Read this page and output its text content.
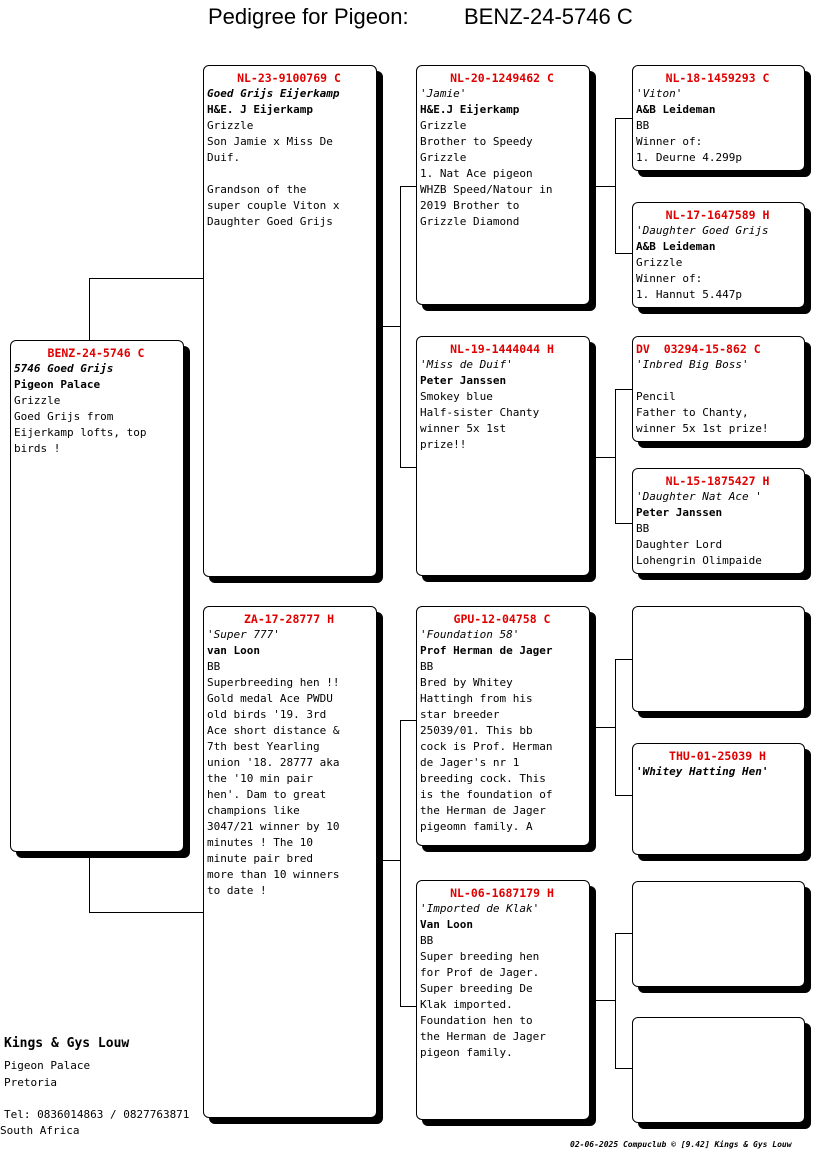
Pedigree for Pigeon:	BENZ-24-5746 C
BENZ-24-5746 C
5746 Goed Grijs
Pigeon Palace
Grizzle
Goed Grijs from
Eijerkamp lofts, top
birds !
NL-23-9100769 C
Goed Grijs Eijerkamp
H&E. J Eijerkamp
Grizzle
Son Jamie x Miss De
Duif.

Grandson of the
super couple Viton x
Daughter Goed Grijs
ZA-17-28777 H
'Super 777'
van Loon
BB
Superbreeding hen !!
Gold medal Ace PWDU
old birds '19. 3rd
Ace short distance &
7th best Yearling
union '18. 28777 aka
the '10 min pair
hen'. Dam to great
champions like
3047/21 winner by 10
minutes ! The 10
minute pair bred
more than 10 winners
to date !
NL-20-1249462 C
'Jamie'
H&E.J Eijerkamp
Grizzle
Brother to Speedy
Grizzle
1. Nat Ace pigeon
WHZB Speed/Natour in
2019 Brother to
Grizzle Diamond
NL-19-1444044 H
'Miss de Duif'
Peter Janssen
Smokey blue
Half-sister Chanty
winner 5x 1st
prize!!
GPU-12-04758 C
'Foundation 58'
Prof Herman de Jager
BB
Bred by Whitey
Hattingh from his
star breeder
25039/01. This bb
cock is Prof. Herman
de Jager's nr 1
breeding cock. This
is the foundation of
the Herman de Jager
pigeomn family. A
NL-06-1687179 H
'Imported de Klak'
Van Loon
BB
Super breeding hen
for Prof de Jager.
Super breeding De
Klak imported.
Foundation hen to
the Herman de Jager
pigeon family.
NL-18-1459293 C
'Viton'
A&B Leideman
BB
Winner of:
1. Deurne 4.299p
NL-17-1647589 H
'Daughter Goed Grijs
A&B Leideman
Grizzle
Winner of:
1. Hannut 5.447p
DV  03294-15-862 C
'Inbred Big Boss'
Pencil
Father to Chanty,
winner 5x 1st prize!
NL-15-1875427 H
'Daughter Nat Ace '
Peter Janssen
BB
Daughter Lord
Lohengrin Olimpaide
THU-01-25039 H
'Whitey Hatting Hen'
Kings & Gys Louw
Pigeon Palace
Pretoria
Tel: 0836014863 / 0827763871
South Africa
02-06-2025 Compuclub © [9.42] Kings & Gys Louw
